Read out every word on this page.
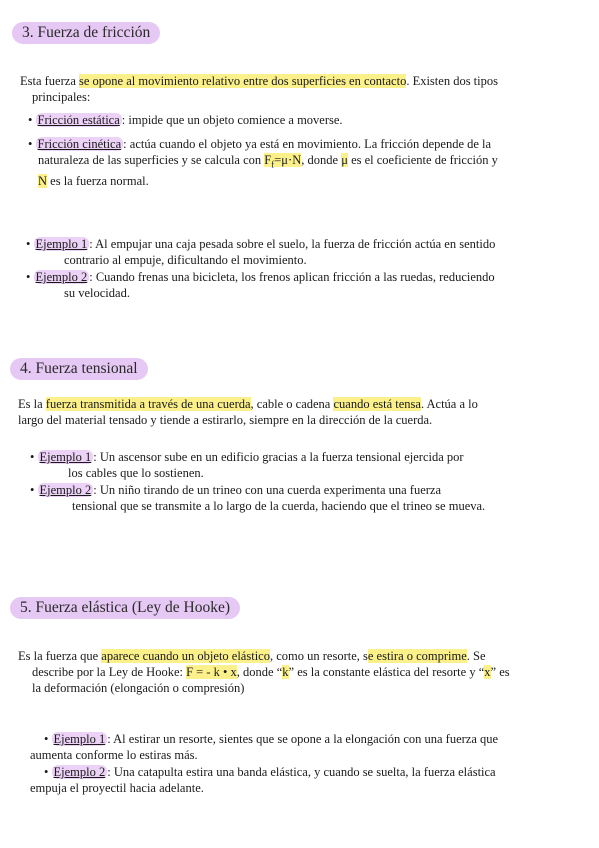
3. Fuerza de fricción

Esta fuerza se opone al movimiento relativo entre dos superficies en contacto. Existen dos tipos

principales:

• Fricción estática : impide que un objeto comience a moverse.

• Fricción cinética : actúa cuando el objeto ya está en movimiento. La fricción depende de la

naturaleza de las superficies y se calcula con $F_f=\mu\cdot N$, donde μ es el coeficiente de fricción y

N es la fuerza normal.

• Ejemplo 1 : Al empujar una caja pesada sobre el suelo, la fuerza de fricción actúa en sentido

contrario al empuje, dificultando el movimiento.

• Ejemplo 2 : Cuando frenas una bicicleta, los frenos aplican fricción a las ruedas, reduciendo

su velocidad.

4. Fuerza tensional

Es la fuerza transmitida a través de una cuerda, cable o cadena cuando está tensa. Actúa a lo

largo del material tensado y tiende a estirarlo, siempre en la dirección de la cuerda.

• Ejemplo 1 : Un ascensor sube en un edificio gracias a la fuerza tensional ejercida por

los cables que lo sostienen.

• Ejemplo 2 : Un niño tirando de un trineo con una cuerda experimenta una fuerza

tensional que se transmite a lo largo de la cuerda, haciendo que el trineo se mueva.

5. Fuerza elástica (Ley de Hooke)

Es la fuerza que aparece cuando un objeto elástico, como un resorte, se estira o comprime. Se

describe por la Ley de Hooke: F = - k • x, donde “k” es la constante elástica del resorte y “x” es

la deformación (elongación o compresión)

• Ejemplo 1 : Al estirar un resorte, sientes que se opone a la elongación con una fuerza que

aumenta conforme lo estiras más.

• Ejemplo 2 : Una catapulta estira una banda elástica, y cuando se suelta, la fuerza elástica

empuja el proyectil hacia adelante.
